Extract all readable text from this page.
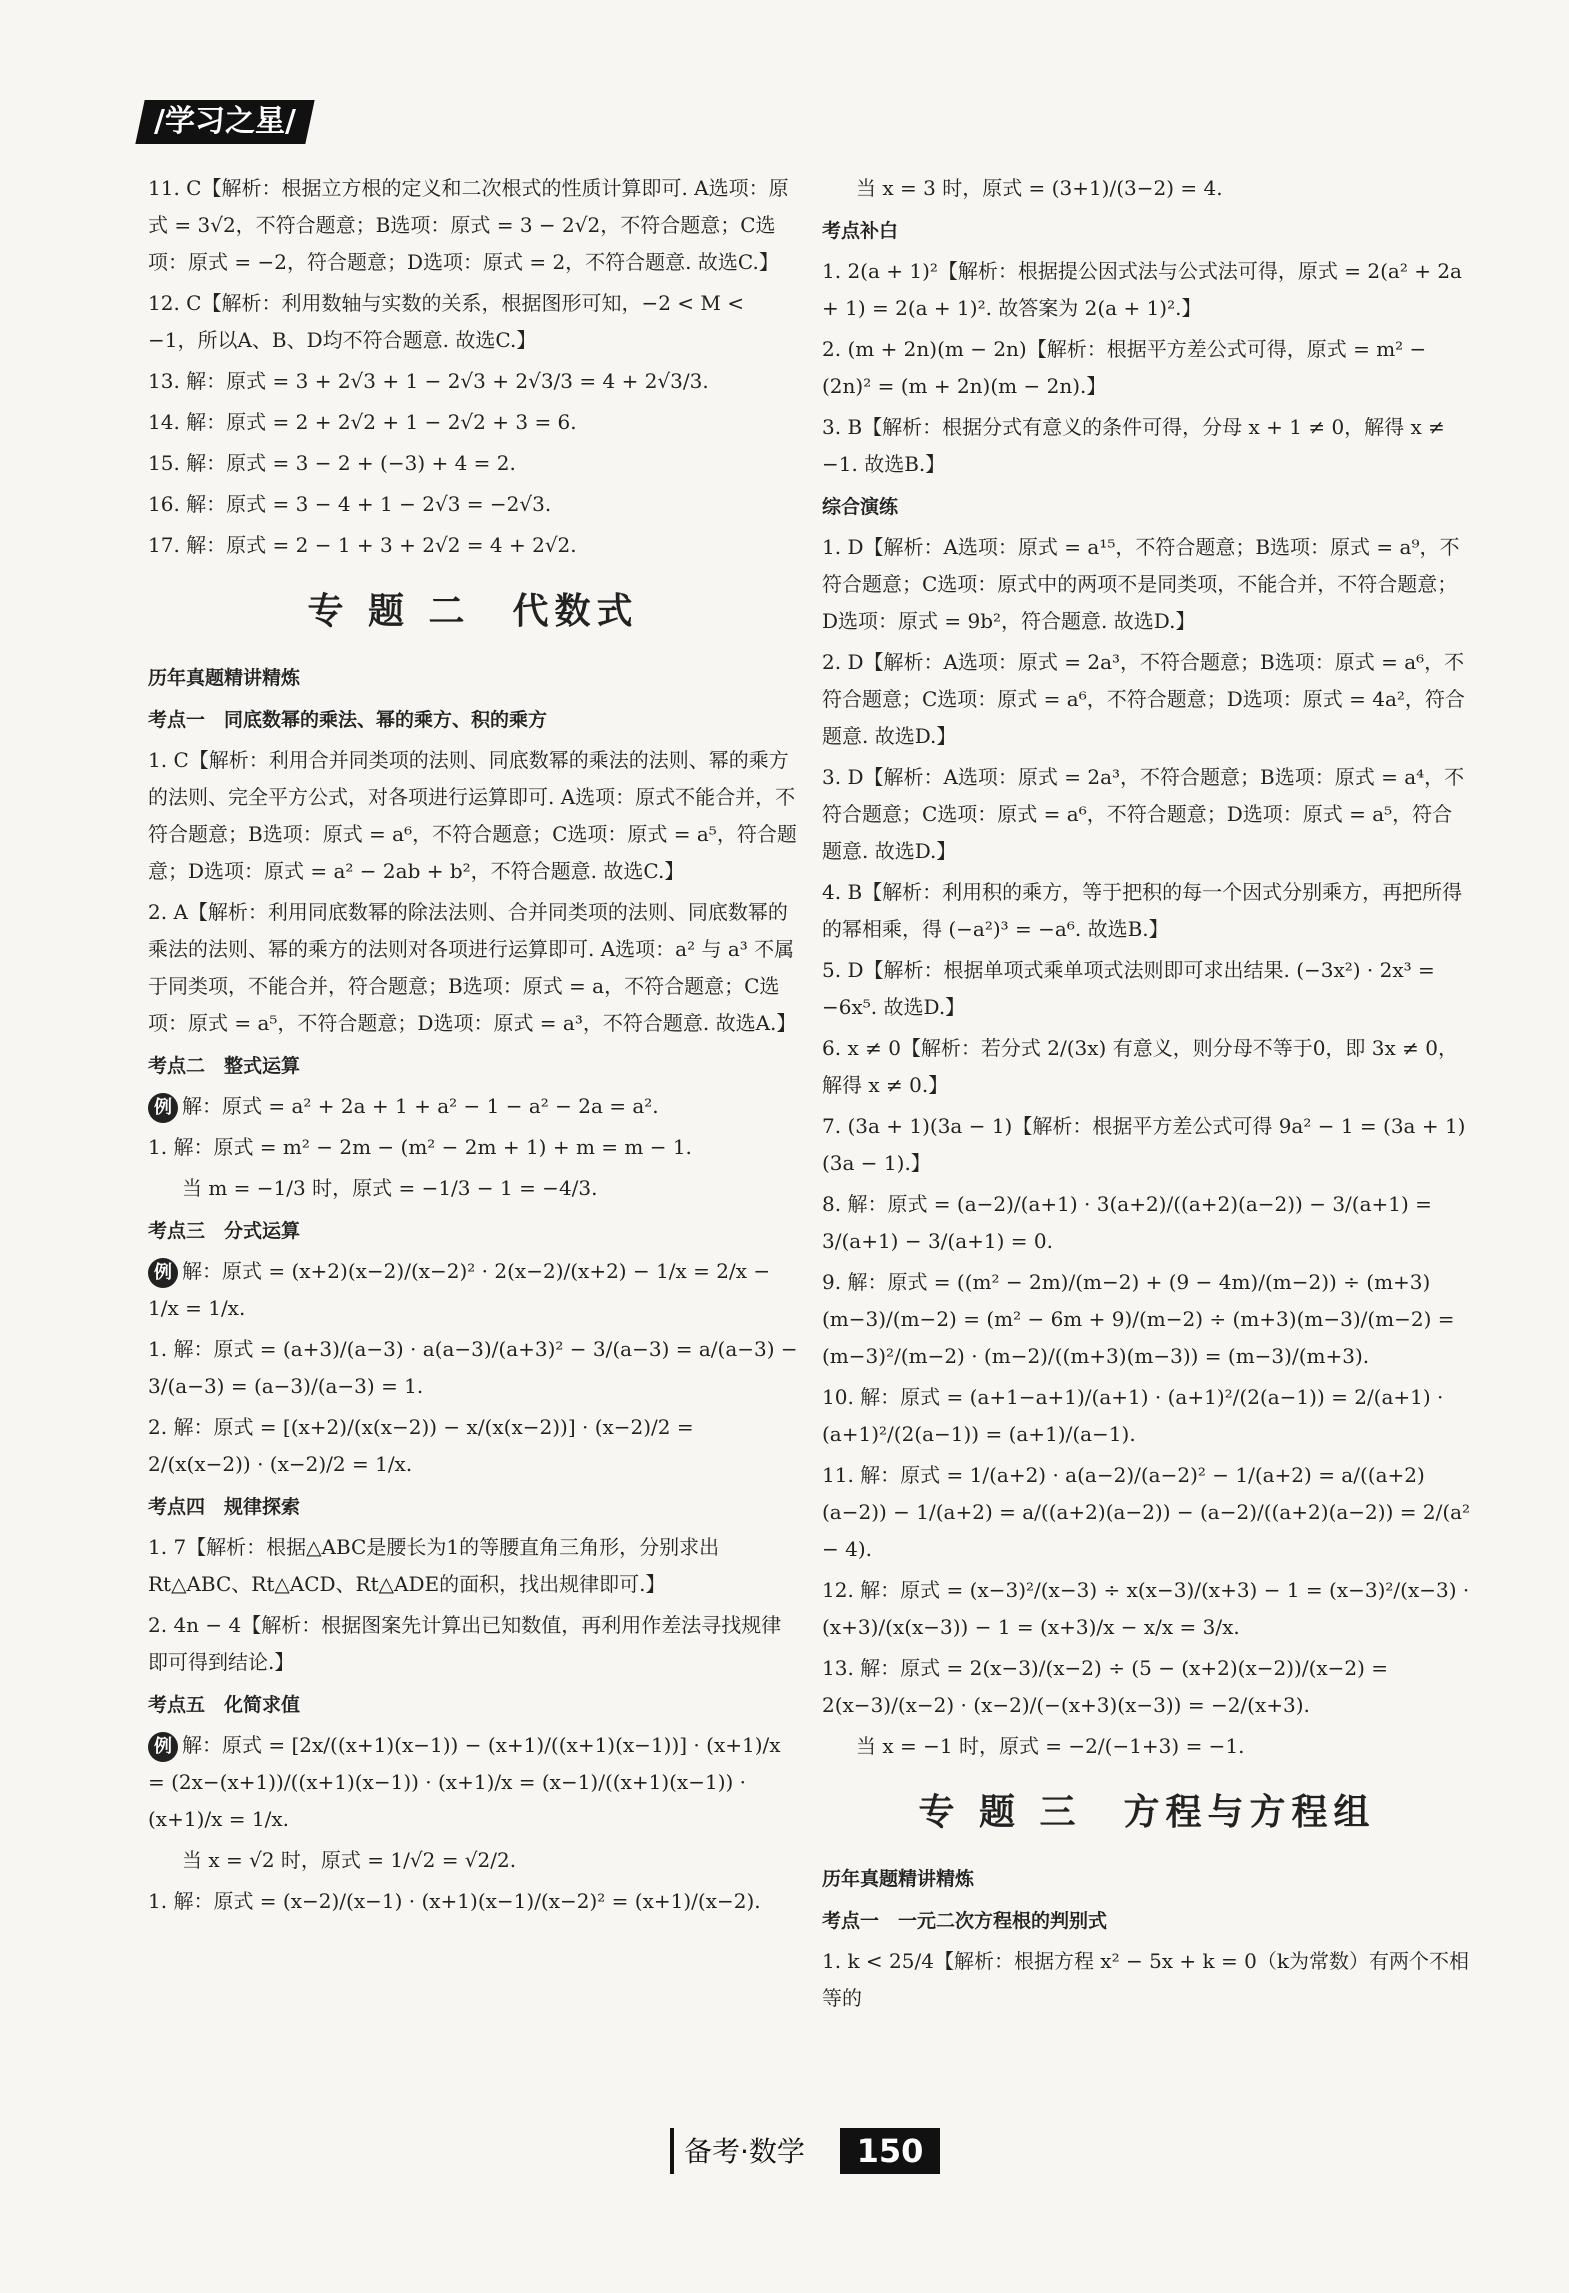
/学习之星/
11. C【解析：根据立方根的定义和二次根式的性质计算即可. A选项：原式 = 3√2，不符合题意；B选项：原式 = 3 − 2√2，不符合题意；C选项：原式 = −2，符合题意；D选项：原式 = 2，不符合题意. 故选C.】
12. C【解析：利用数轴与实数的关系，根据图形可知，−2 < M < −1，所以A、B、D均不符合题意. 故选C.】
13. 解：原式 = 3 + 2√3 + 1 − 2√3 + 2√3/3 = 4 + 2√3/3.
14. 解：原式 = 2 + 2√2 + 1 − 2√2 + 3 = 6.
15. 解：原式 = 3 − 2 + (−3) + 4 = 2.
16. 解：原式 = 3 − 4 + 1 − 2√3 = −2√3.
17. 解：原式 = 2 − 1 + 3 + 2√2 = 4 + 2√2.
专 题 二　代数式
历年真题精讲精炼
考点一　同底数幂的乘法、幂的乘方、积的乘方
1. C【解析：利用合并同类项的法则、同底数幂的乘法的法则、幂的乘方的法则、完全平方公式，对各项进行运算即可. A选项：原式不能合并，不符合题意；B选项：原式 = a⁶，不符合题意；C选项：原式 = a⁵，符合题意；D选项：原式 = a² − 2ab + b²，不符合题意. 故选C.】
2. A【解析：利用同底数幂的除法法则、合并同类项的法则、同底数幂的乘法的法则、幂的乘方的法则对各项进行运算即可. A选项：a² 与 a³ 不属于同类项，不能合并，符合题意；B选项：原式 = a，不符合题意；C选项：原式 = a⁵，不符合题意；D选项：原式 = a³，不符合题意. 故选A.】
考点二　整式运算
例 解：原式 = a² + 2a + 1 + a² − 1 − a² − 2a = a².
1. 解：原式 = m² − 2m − (m² − 2m + 1) + m = m − 1.
当 m = −1/3 时，原式 = −1/3 − 1 = −4/3.
考点三　分式运算
例 解：原式 = (x+2)(x−2)/(x−2)² · 2(x−2)/(x+2) − 1/x = 2/x − 1/x = 1/x.
1. 解：原式 = (a+3)/(a−3) · a(a−3)/(a+3)² − 3/(a−3) = a/(a−3) − 3/(a−3) = (a−3)/(a−3) = 1.
2. 解：原式 = [(x+2)/(x(x−2)) − x/(x(x−2))] · (x−2)/2 = 2/(x(x−2)) · (x−2)/2 = 1/x.
考点四　规律探索
1. 7【解析：根据△ABC是腰长为1的等腰直角三角形，分别求出Rt△ABC、Rt△ACD、Rt△ADE的面积，找出规律即可.】
2. 4n − 4【解析：根据图案先计算出已知数值，再利用作差法寻找规律即可得到结论.】
考点五　化简求值
例 解：原式 = [2x/((x+1)(x−1)) − (x+1)/((x+1)(x−1))] · (x+1)/x = (2x−(x+1))/((x+1)(x−1)) · (x+1)/x = (x−1)/((x+1)(x−1)) · (x+1)/x = 1/x.
当 x = √2 时，原式 = 1/√2 = √2/2.
1. 解：原式 = (x−2)/(x−1) · (x+1)(x−1)/(x−2)² = (x+1)/(x−2).
当 x = 3 时，原式 = (3+1)/(3−2) = 4.
考点补白
1. 2(a + 1)²【解析：根据提公因式法与公式法可得，原式 = 2(a² + 2a + 1) = 2(a + 1)². 故答案为 2(a + 1)².】
2. (m + 2n)(m − 2n)【解析：根据平方差公式可得，原式 = m² − (2n)² = (m + 2n)(m − 2n).】
3. B【解析：根据分式有意义的条件可得，分母 x + 1 ≠ 0，解得 x ≠ −1. 故选B.】
综合演练
1. D【解析：A选项：原式 = a¹⁵，不符合题意；B选项：原式 = a⁹，不符合题意；C选项：原式中的两项不是同类项，不能合并，不符合题意；D选项：原式 = 9b²，符合题意. 故选D.】
2. D【解析：A选项：原式 = 2a³，不符合题意；B选项：原式 = a⁶，不符合题意；C选项：原式 = a⁶，不符合题意；D选项：原式 = 4a²，符合题意. 故选D.】
3. D【解析：A选项：原式 = 2a³，不符合题意；B选项：原式 = a⁴，不符合题意；C选项：原式 = a⁶，不符合题意；D选项：原式 = a⁵，符合题意. 故选D.】
4. B【解析：利用积的乘方，等于把积的每一个因式分别乘方，再把所得的幂相乘，得 (−a²)³ = −a⁶. 故选B.】
5. D【解析：根据单项式乘单项式法则即可求出结果. (−3x²) · 2x³ = −6x⁵. 故选D.】
6. x ≠ 0【解析：若分式 2/(3x) 有意义，则分母不等于0，即 3x ≠ 0，解得 x ≠ 0.】
7. (3a + 1)(3a − 1)【解析：根据平方差公式可得 9a² − 1 = (3a + 1)(3a − 1).】
8. 解：原式 = (a−2)/(a+1) · 3(a+2)/((a+2)(a−2)) − 3/(a+1) = 3/(a+1) − 3/(a+1) = 0.
9. 解：原式 = ((m² − 2m)/(m−2) + (9 − 4m)/(m−2)) ÷ (m+3)(m−3)/(m−2) = (m² − 6m + 9)/(m−2) ÷ (m+3)(m−3)/(m−2) = (m−3)²/(m−2) · (m−2)/((m+3)(m−3)) = (m−3)/(m+3).
10. 解：原式 = (a+1−a+1)/(a+1) · (a+1)²/(2(a−1)) = 2/(a+1) · (a+1)²/(2(a−1)) = (a+1)/(a−1).
11. 解：原式 = 1/(a+2) · a(a−2)/(a−2)² − 1/(a+2) = a/((a+2)(a−2)) − 1/(a+2) = a/((a+2)(a−2)) − (a−2)/((a+2)(a−2)) = 2/(a² − 4).
12. 解：原式 = (x−3)²/(x−3) ÷ x(x−3)/(x+3) − 1 = (x−3)²/(x−3) · (x+3)/(x(x−3)) − 1 = (x+3)/x − x/x = 3/x.
13. 解：原式 = 2(x−3)/(x−2) ÷ (5 − (x+2)(x−2))/(x−2) = 2(x−3)/(x−2) · (x−2)/(−(x+3)(x−3)) = −2/(x+3).
当 x = −1 时，原式 = −2/(−1+3) = −1.
专 题 三　方程与方程组
历年真题精讲精炼
考点一　一元二次方程根的判别式
1. k < 25/4【解析：根据方程 x² − 5x + k = 0（k为常数）有两个不相等的
备考·数学	150
